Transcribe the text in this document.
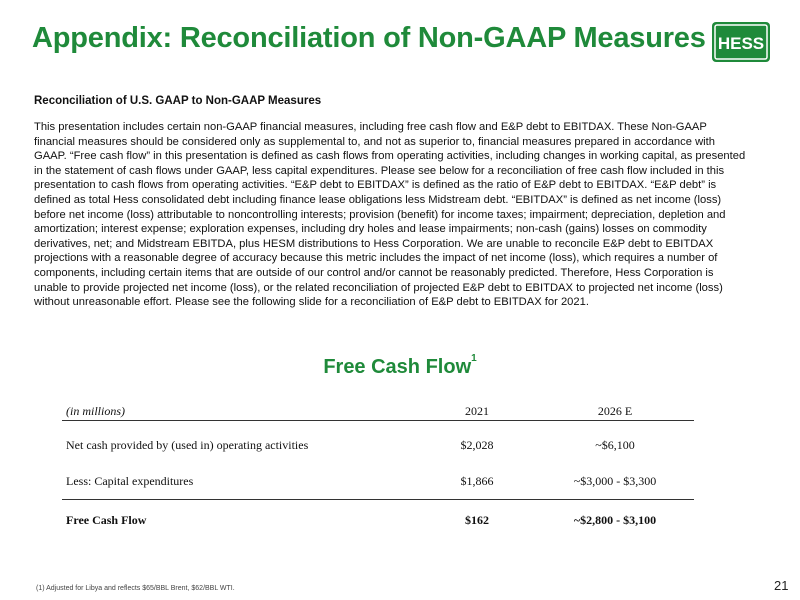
Appendix: Reconciliation of Non-GAAP Measures HESS
Reconciliation of U.S. GAAP to Non-GAAP Measures
This presentation includes certain non-GAAP financial measures, including free cash flow and E&P debt to EBITDAX. These Non-GAAP financial measures should be considered only as supplemental to, and not as superior to, financial measures prepared in accordance with GAAP. “Free cash flow” in this presentation is defined as cash flows from operating activities, including changes in working capital, as presented in the statement of cash flows under GAAP, less capital expenditures. Please see below for a reconciliation of free cash flow included in this presentation to cash flows from operating activities. “E&P debt to EBITDAX” is defined as the ratio of E&P debt to EBITDAX. “E&P debt” is defined as total Hess consolidated debt including finance lease obligations less Midstream debt. “EBITDAX” is defined as net income (loss) before net income (loss) attributable to noncontrolling interests; provision (benefit) for income taxes; impairment; depreciation, depletion and amortization; interest expense; exploration expenses, including dry holes and lease impairments; non-cash (gains) losses on commodity derivatives, net; and Midstream EBITDA, plus HESM distributions to Hess Corporation. We are unable to reconcile E&P debt to EBITDAX projections with a reasonable degree of accuracy because this metric includes the impact of net income (loss), which requires a number of components, including certain items that are outside of our control and/or cannot be reasonably predicted. Therefore, Hess Corporation is unable to provide projected net income (loss), or the related reconciliation of projected E&P debt to EBITDAX to projected net income (loss) without unreasonable effort. Please see the following slide for a reconciliation of E&P debt to EBITDAX for 2021.
Free Cash Flow$^1$
(in millions)	2021	2026 E
Net cash provided by (used in) operating activities	$2,028	~$6,100
Less: Capital expenditures	$1,866	~$3,000 - $3,300
Free Cash Flow	$162	~$2,800 - $3,100
(1) Adjusted for Libya and reflects $65/BBL Brent, $62/BBL WTI.	21
